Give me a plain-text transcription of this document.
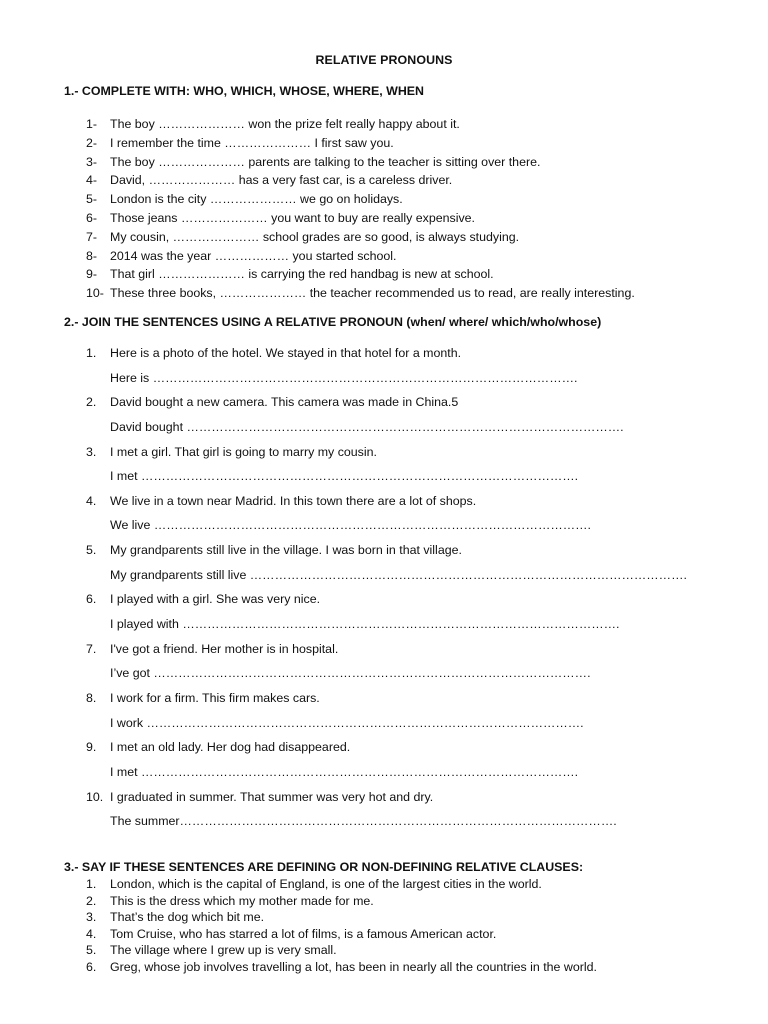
RELATIVE PRONOUNS
1.- COMPLETE WITH: WHO, WHICH, WHOSE, WHERE, WHEN
1- The boy ………………… won the prize felt really happy about it.
2- I remember the time ………………… I first saw you.
3- The boy ………………… parents are talking to the teacher is sitting over there.
4- David, ………………… has a very fast car, is a careless driver.
5- London is the city ………………… we go on holidays.
6- Those jeans ………………… you want to buy are really expensive.
7- My cousin, ………………… school grades are so good, is always studying.
8- 2014 was the year ……………… you started school.
9- That girl ………………… is carrying the red handbag is new at school.
10- These three books, ………………… the teacher recommended us to read, are really interesting.
2.- JOIN THE SENTENCES USING A RELATIVE PRONOUN (when/ where/ which/who/whose)
1. Here is a photo of the hotel. We stayed in that hotel for a month.
Here is ………………………………………………………………………………………….
2. David bought a new camera. This camera was made in China.5
David bought …………………………………………………………………………………………….
3. I met a girl. That girl is going to marry my cousin.
I met …………………………………………………………………………………………….
4. We live in a town near Madrid. In this town there are a lot of shops.
We live …………………………………………………………………………………………….
5. My grandparents still live in the village. I was born in that village.
My grandparents still live …………………………………………………………………………………………….
6. I played with a girl. She was very nice.
I played with …………………………………………………………………………………………….
7. I've got a friend. Her mother is in hospital.
I’ve got …………………………………………………………………………………………….
8. I work for a firm. This firm makes cars.
I work …………………………………………………………………………………………….
9. I met an old lady. Her dog had disappeared.
I met …………………………………………………………………………………………….
10. I graduated in summer. That summer was very hot and dry.
The summer…………………………………………………………………………………………….
3.- SAY IF THESE SENTENCES ARE DEFINING OR NON-DEFINING RELATIVE CLAUSES:
1. London, which is the capital of England, is one of the largest cities in the world.
2. This is the dress which my mother made for me.
3. That’s the dog which bit me.
4. Tom Cruise, who has starred a lot of films, is a famous American actor.
5. The village where I grew up is very small.
6. Greg, whose job involves travelling a lot, has been in nearly all the countries in the world.
